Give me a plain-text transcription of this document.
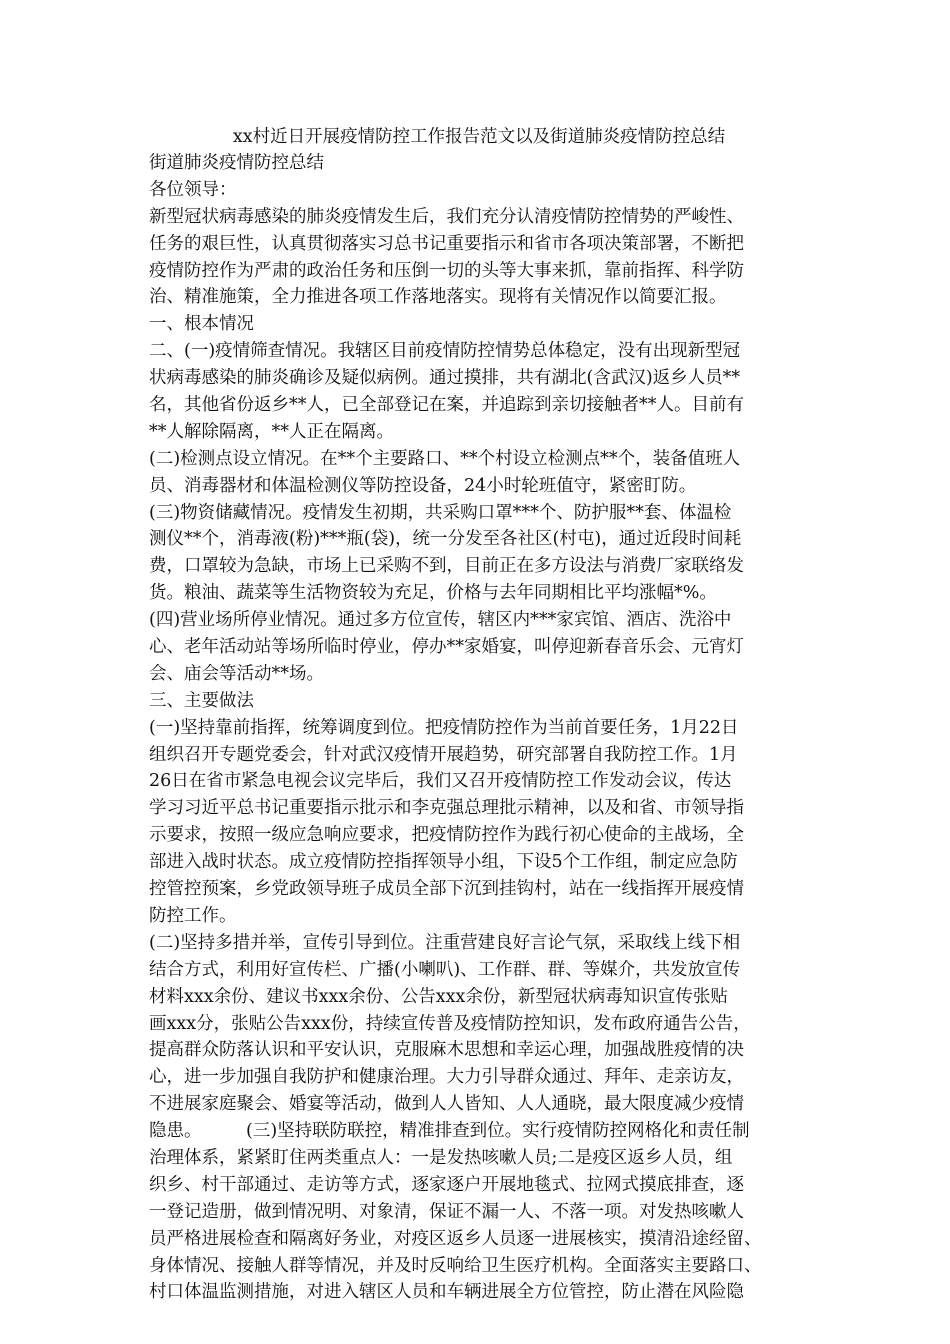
xx村近日开展疫情防控工作报告范文以及街道肺炎疫情防控总结
街道肺炎疫情防控总结
各位领导：
新型冠状病毒感染的肺炎疫情发生后，我们充分认清疫情防控情势的严峻性、
任务的艰巨性，认真贯彻落实习总书记重要指示和省市各项决策部署，不断把
疫情防控作为严肃的政治任务和压倒一切的头等大事来抓，靠前指挥、科学防
治、精准施策，全力推进各项工作落地落实。现将有关情况作以简要汇报。
一、根本情况
二、(一)疫情筛查情况。我辖区目前疫情防控情势总体稳定，没有出现新型冠
状病毒感染的肺炎确诊及疑似病例。通过摸排，共有湖北(含武汉)返乡人员**
名，其他省份返乡**人，已全部登记在案，并追踪到亲切接触者**人。目前有
**人解除隔离，**人正在隔离。
(二)检测点设立情况。在**个主要路口、**个村设立检测点**个，装备值班人
员、消毒器材和体温检测仪等防控设备，24小时轮班值守，紧密盯防。
(三)物资储藏情况。疫情发生初期，共采购口罩***个、防护服**套、体温检
测仪**个，消毒液(粉)***瓶(袋)，统一分发至各社区(村屯)，通过近段时间耗
费，口罩较为急缺，市场上已采购不到，目前正在多方设法与消费厂家联络发
货。粮油、蔬菜等生活物资较为充足，价格与去年同期相比平均涨幅*%。
(四)营业场所停业情况。通过多方位宣传，辖区内***家宾馆、酒店、洗浴中
心、老年活动站等场所临时停业，停办**家婚宴，叫停迎新春音乐会、元宵灯
会、庙会等活动**场。
三、主要做法
(一)坚持靠前指挥，统筹调度到位。把疫情防控作为当前首要任务，1月22日
组织召开专题党委会，针对武汉疫情开展趋势，研究部署自我防控工作。1月
26日在省市紧急电视会议完毕后，我们又召开疫情防控工作发动会议，传达
学习习近平总书记重要指示批示和李克强总理批示精神，以及和省、市领导指
示要求，按照一级应急响应要求，把疫情防控作为践行初心使命的主战场，全
部进入战时状态。成立疫情防控指挥领导小组，下设5个工作组，制定应急防
控管控预案，乡党政领导班子成员全部下沉到挂钩村，站在一线指挥开展疫情
防控工作。
(二)坚持多措并举，宣传引导到位。注重营建良好言论气氛，采取线上线下相
结合方式，利用好宣传栏、广播(小喇叭)、工作群、群、等媒介，共发放宣传
材料xxx余份、建议书xxx余份、公告xxx余份，新型冠状病毒知识宣传张贴
画xxx分，张贴公告xxx份，持续宣传普及疫情防控知识，发布政府通告公告，
提高群众防落认识和平安认识，克服麻木思想和幸运心理，加强战胜疫情的决
心，进一步加强自我防护和健康治理。大力引导群众通过、拜年、走亲访友，
不进展家庭聚会、婚宴等活动，做到人人皆知、人人通晓，最大限度减少疫情
隐患。        (三)坚持联防联控，精准排查到位。实行疫情防控网格化和责任制
治理体系，紧紧盯住两类重点人：一是发热咳嗽人员;二是疫区返乡人员，组
织乡、村干部通过、走访等方式，逐家逐户开展地毯式、拉网式摸底排查，逐
一登记造册，做到情况明、对象清，保证不漏一人、不落一项。对发热咳嗽人
员严格进展检查和隔离好务业，对疫区返乡人员逐一进展核实，摸清沿途经留、
身体情况、接触人群等情况，并及时反响给卫生医疗机构。全面落实主要路口、
村口体温监测措施，对进入辖区人员和车辆进展全方位管控，防止潜在风险隐
